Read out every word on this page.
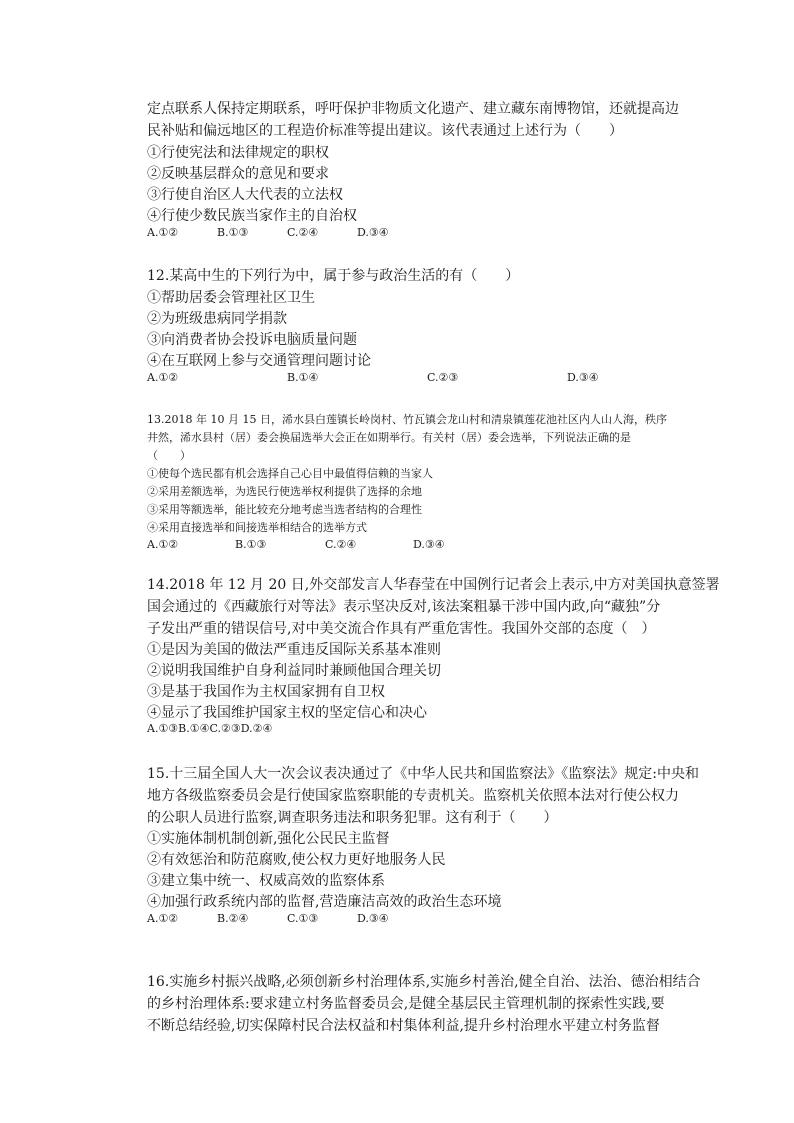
定点联系人保持定期联系，呼吁保护非物质文化遗产、建立藏东南博物馆，还就提高边
民补贴和偏远地区的工程造价标准等提出建议。该代表通过上述行为（　　）
①行使宪法和法律规定的职权
②反映基层群众的意见和要求
③行使自治区人大代表的立法权
④行使少数民族当家作主的自治权
A.①②	B.①③	C.②④	D.③④
12.某高中生的下列行为中，属于参与政治生活的有（　　）
①帮助居委会管理社区卫生
②为班级患病同学捐款
③向消费者协会投诉电脑质量问题
④在互联网上参与交通管理问题讨论
A.①②	B.①④	C.②③	D.③④
13.2018 年 10 月 15 日，浠水县白莲镇长岭岗村、竹瓦镇会龙山村和清泉镇莲花池社区内人山人海，秩序
井然，浠水县村（居）委会换届选举大会正在如期举行。有关村（居）委会选举，下列说法正确的是
（　　）
①使每个选民都有机会选择自己心目中最值得信赖的当家人
②采用差额选举，为选民行使选举权利提供了选择的余地
③采用等额选举，能比较充分地考虑当选者结构的合理性
④采用直接选举和间接选举相结合的选举方式
A.①②	B.①③	C.②④	D.③④
14.2018 年 12 月 20 日,外交部发言人华春莹在中国例行记者会上表示,中方对美国执意签署
国会通过的《西藏旅行对等法》表示坚决反对,该法案粗暴干涉中国内政,向“藏独”分
子发出严重的错误信号,对中美交流合作具有严重危害性。我国外交部的态度（　）
①是因为美国的做法严重违反国际关系基本准则
②说明我国维护自身利益同时兼顾他国合理关切
③是基于我国作为主权国家拥有自卫权
④显示了我国维护国家主权的坚定信心和决心
A.①③B.①④C.②③D.②④
15.十三届全国人大一次会议表决通过了《中华人民共和国监察法》《监察法》规定:中央和
地方各级监察委员会是行使国家监察职能的专责机关。监察机关依照本法对行使公权力
的公职人员进行监察,调查职务违法和职务犯罪。这有利于（　　）
①实施体制机制创新,强化公民民主监督
②有效惩治和防范腐败,使公权力更好地服务人民
③建立集中统一、权威高效的监察体系
④加强行政系统内部的监督,营造廉洁高效的政治生态环境
A.①②	B.②④	C.①③	D.③④
16.实施乡村振兴战略,必须创新乡村治理体系,实施乡村善治,健全自治、法治、德治相结合
的乡村治理体系:要求建立村务监督委员会,是健全基层民主管理机制的探索性实践,要
不断总结经验,切实保障村民合法权益和村集体利益,提升乡村治理水平建立村务监督
